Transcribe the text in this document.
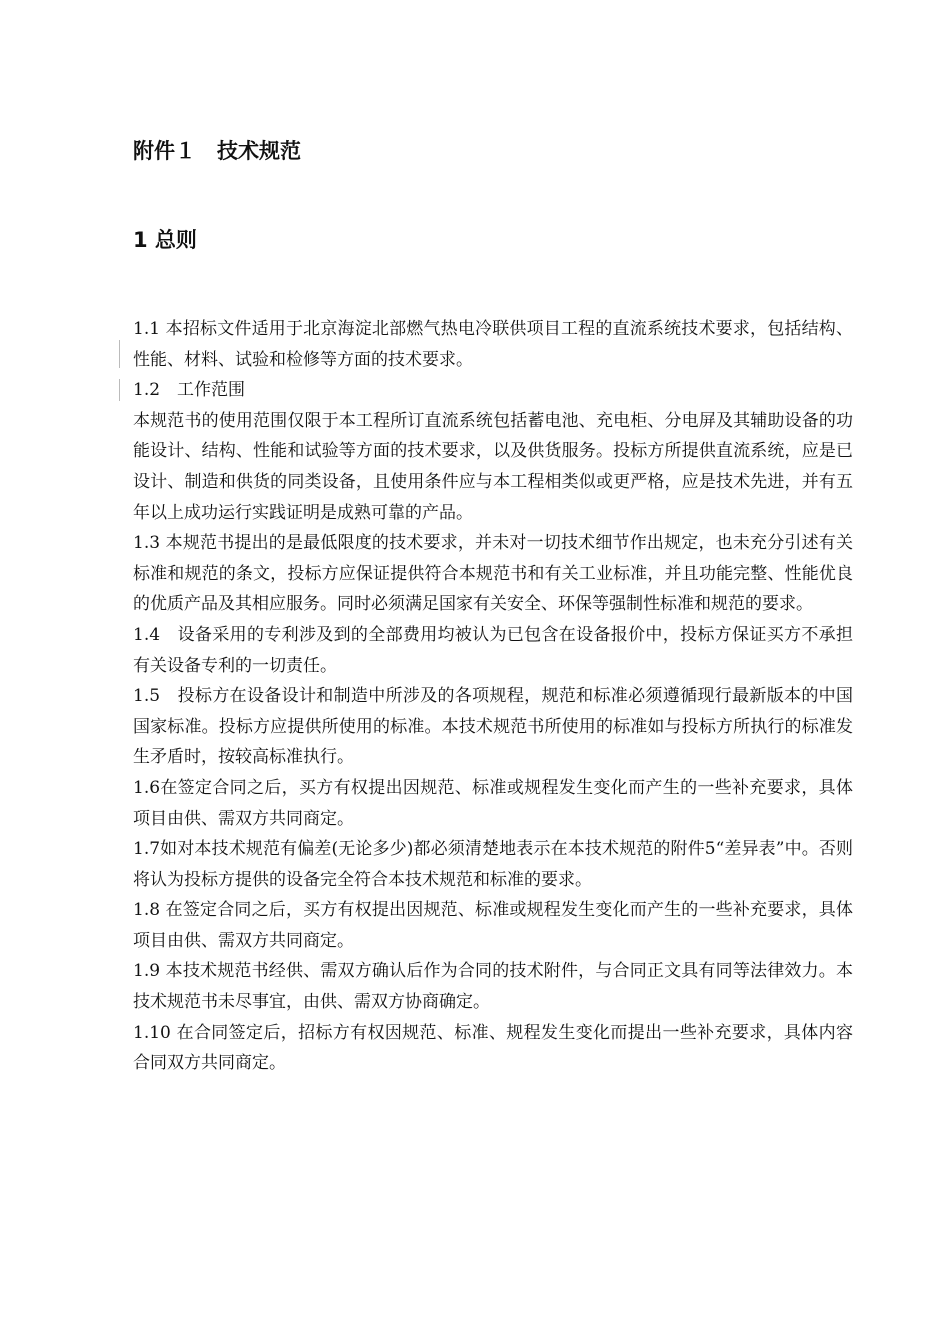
附件１　技术规范
1 总则

1.1 本招标文件适用于北京海淀北部燃气热电冷联供项目工程的直流系统技术要求，包括结构、性能、材料、试验和检修等方面的技术要求。

1.2　工作范围

本规范书的使用范围仅限于本工程所订直流系统包括蓄电池、充电柜、分电屏及其辅助设备的功能设计、结构、性能和试验等方面的技术要求，以及供货服务。投标方所提供直流系统，应是已设计、制造和供货的同类设备，且使用条件应与本工程相类似或更严格，应是技术先进，并有五年以上成功运行实践证明是成熟可靠的产品。

1.3 本规范书提出的是最低限度的技术要求，并未对一切技术细节作出规定，也未充分引述有关标准和规范的条文，投标方应保证提供符合本规范书和有关工业标准，并且功能完整、性能优良的优质产品及其相应服务。同时必须满足国家有关安全、环保等强制性标准和规范的要求。

1.4　设备采用的专利涉及到的全部费用均被认为已包含在设备报价中，投标方保证买方不承担有关设备专利的一切责任。

1.5　投标方在设备设计和制造中所涉及的各项规程，规范和标准必须遵循现行最新版本的中国国家标准。投标方应提供所使用的标准。本技术规范书所使用的标准如与投标方所执行的标准发生矛盾时，按较高标准执行。

1.6在签定合同之后，买方有权提出因规范、标准或规程发生变化而产生的一些补充要求，具体项目由供、需双方共同商定。

1.7如对本技术规范有偏差(无论多少)都必须清楚地表示在本技术规范的附件5“差异表”中。否则将认为投标方提供的设备完全符合本技术规范和标准的要求。

1.8 在签定合同之后，买方有权提出因规范、标准或规程发生变化而产生的一些补充要求，具体项目由供、需双方共同商定。

1.9 本技术规范书经供、需双方确认后作为合同的技术附件，与合同正文具有同等法律效力。本技术规范书未尽事宜，由供、需双方协商确定。

1.10 在合同签定后，招标方有权因规范、标准、规程发生变化而提出一些补充要求，具体内容合同双方共同商定。
